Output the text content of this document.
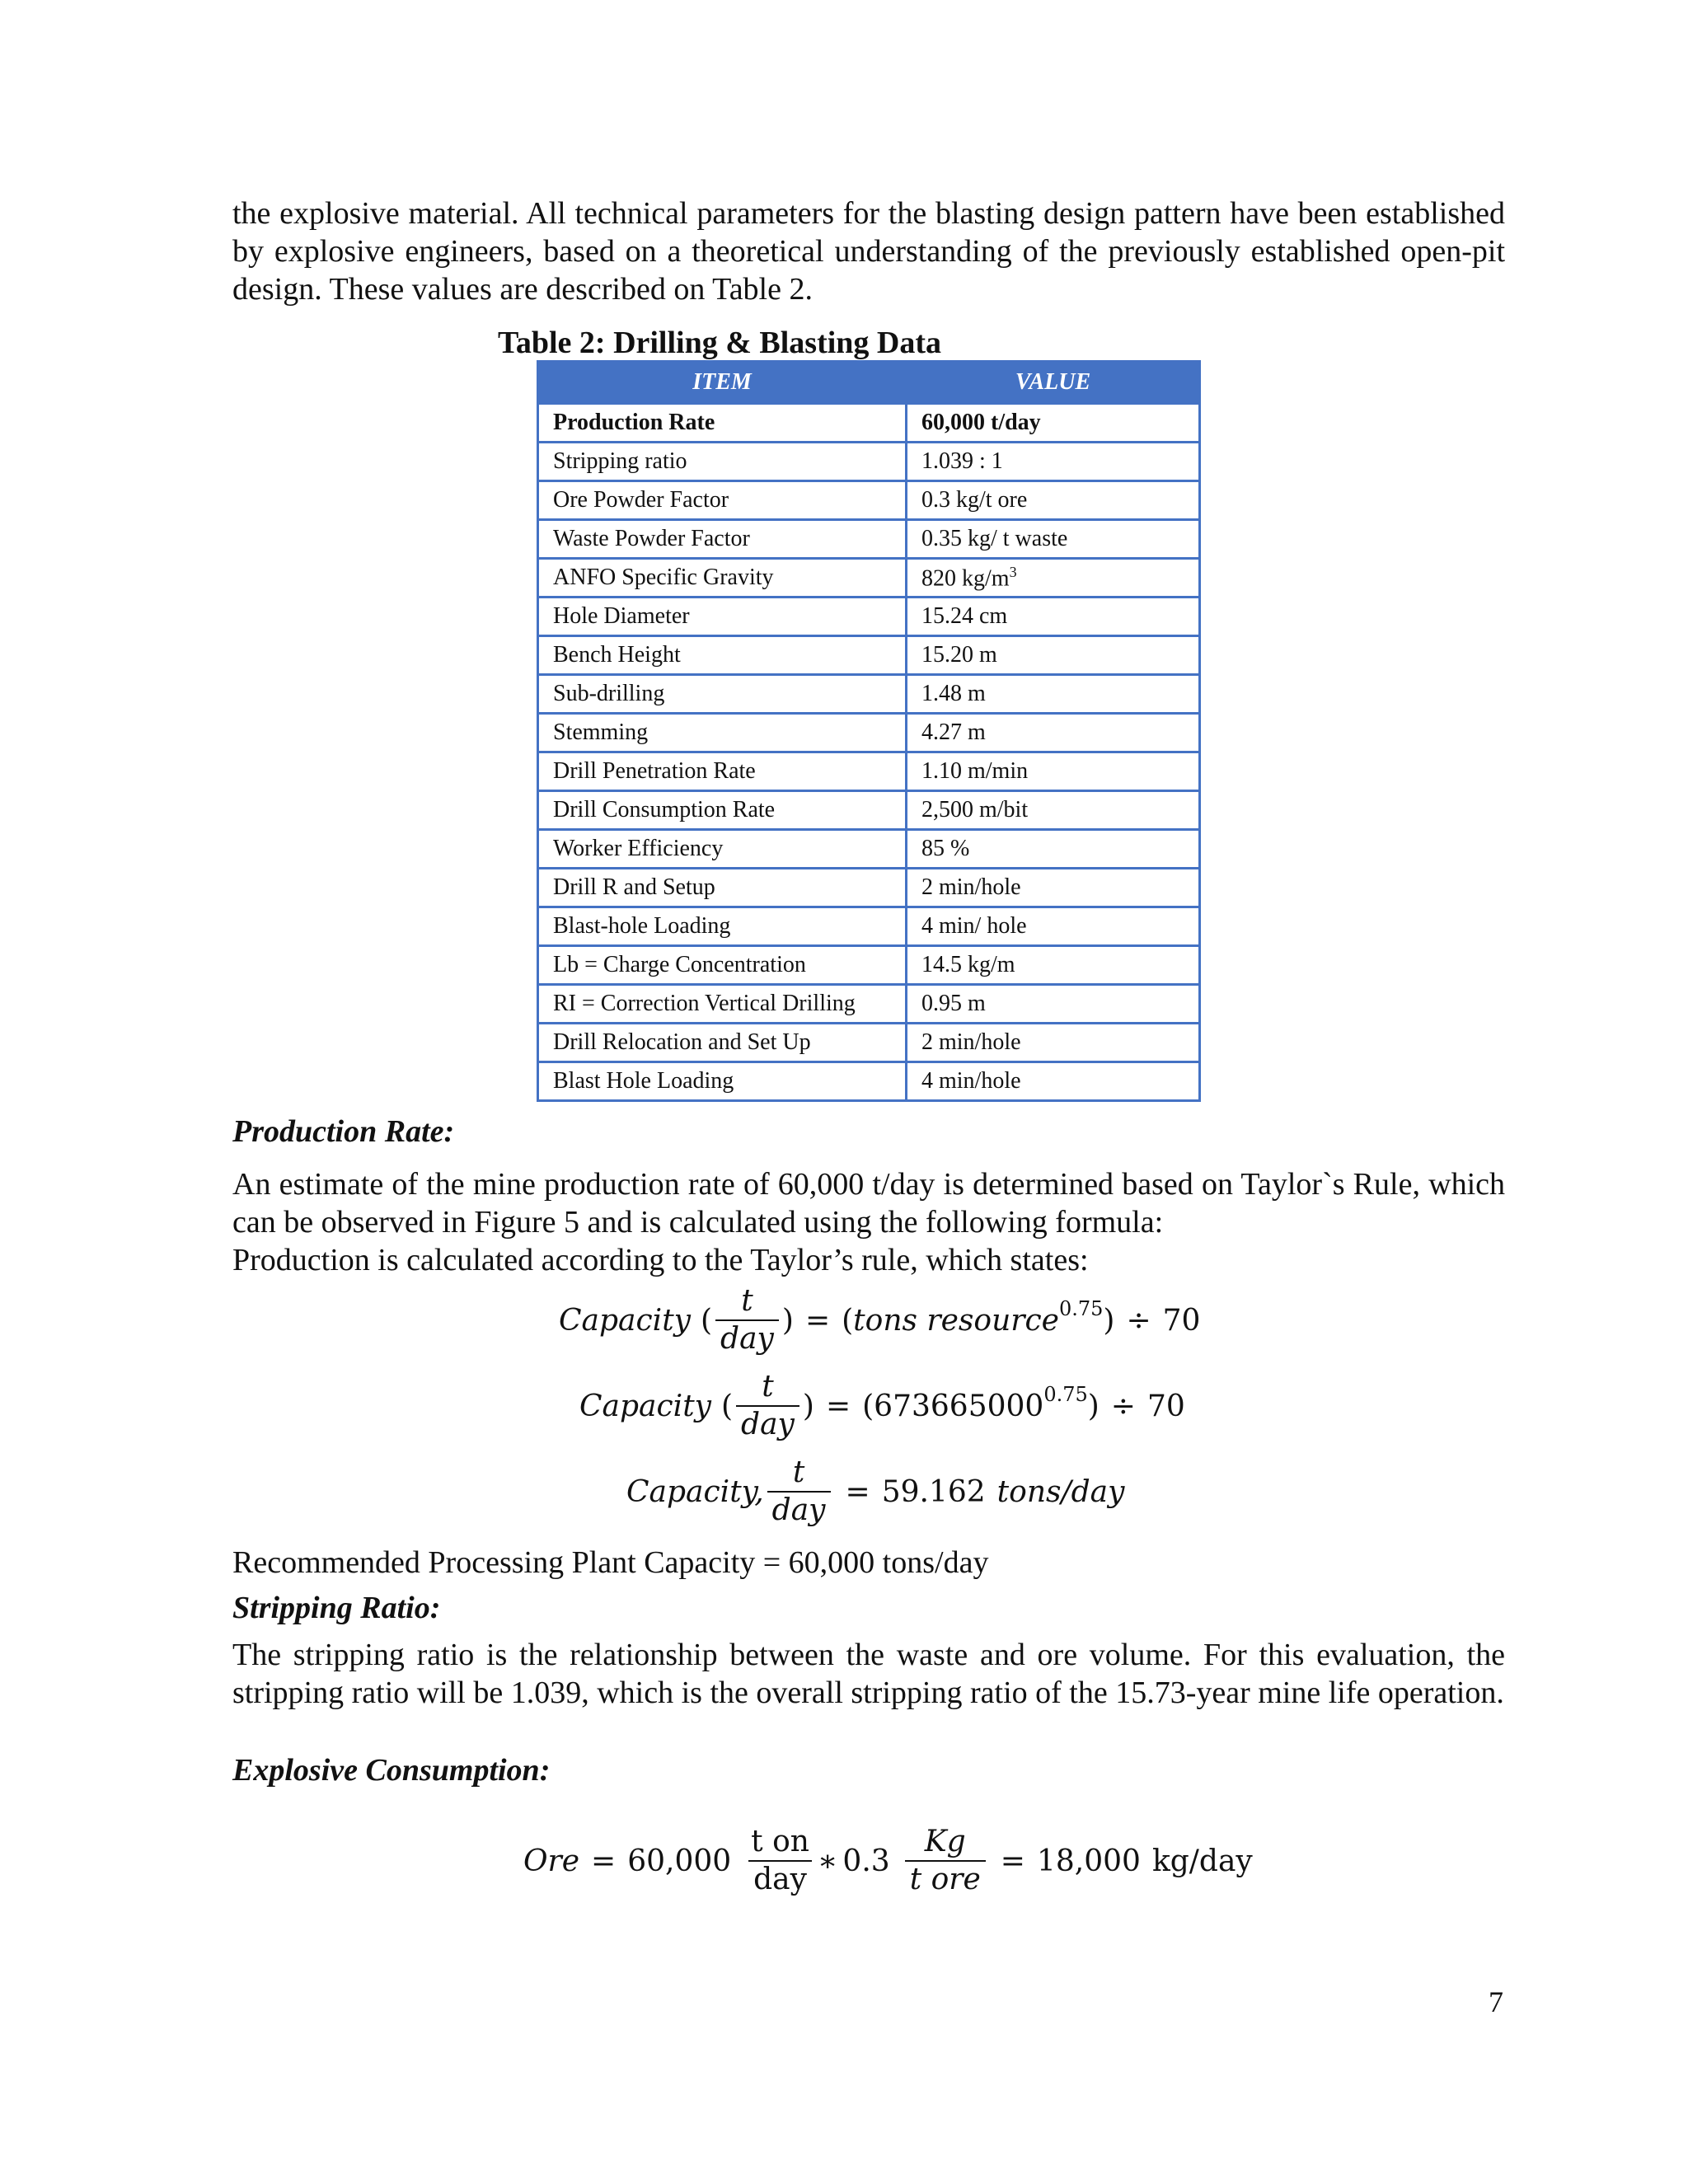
the explosive material. All technical parameters for the blasting design pattern have been established by explosive engineers, based on a theoretical understanding of the previously established open-pit design. These values are described on Table 2.

Table 2: Drilling & Blasting Data
ITEM	VALUE
Production Rate	60,000 t/day
Stripping ratio	1.039 : 1
Ore Powder Factor	0.3 kg/t ore
Waste Powder Factor	0.35 kg/ t waste
ANFO Specific Gravity	820 $kg/m^3$
Hole Diameter	15.24 cm
Bench Height	15.20 m
Sub-drilling	1.48 m
Stemming	4.27 m
Drill Penetration Rate	1.10 m/min
Drill Consumption Rate	2,500 m/bit
Worker Efficiency	85 %
Drill R and Setup	2 min/hole
Blast-hole Loading	4 min/ hole
Lb = Charge Concentration	14.5 kg/m
RI = Correction Vertical Drilling	0.95 m
Drill Relocation and Set Up	2 min/hole
Blast Hole Loading	4 min/hole
Production Rate:

An estimate of the mine production rate of 60,000 t/day is determined based on Taylor`s Rule, which can be observed in Figure 5 and is calculated using the following formula:

Production is calculated according to the Taylor’s rule, which states:

Capacity ( $\frac{t}{\text{day}}$ ) = ( tons resource$^{0.75}$ ) ÷ 70
Capacity ( $\frac{t}{\text{day}}$ ) = ( $673665000^{0.75}$ ) ÷ 70
Capacity, $\frac{t}{\text{day}} = 59.162$ tons/day

Recommended Processing Plant Capacity = 60,000 tons/day

Stripping Ratio:

The stripping ratio is the relationship between the waste and ore volume. For this evaluation, the stripping ratio will be 1.039, which is the overall stripping ratio of the 15.73-year mine life operation.

Explosive Consumption:
Ore = $60,000 \frac{\text{t on}}{\text{day}}$ ∗ $0.3 \frac{Kg}{\text{t ore}} = 18,000$ kg/day
7
